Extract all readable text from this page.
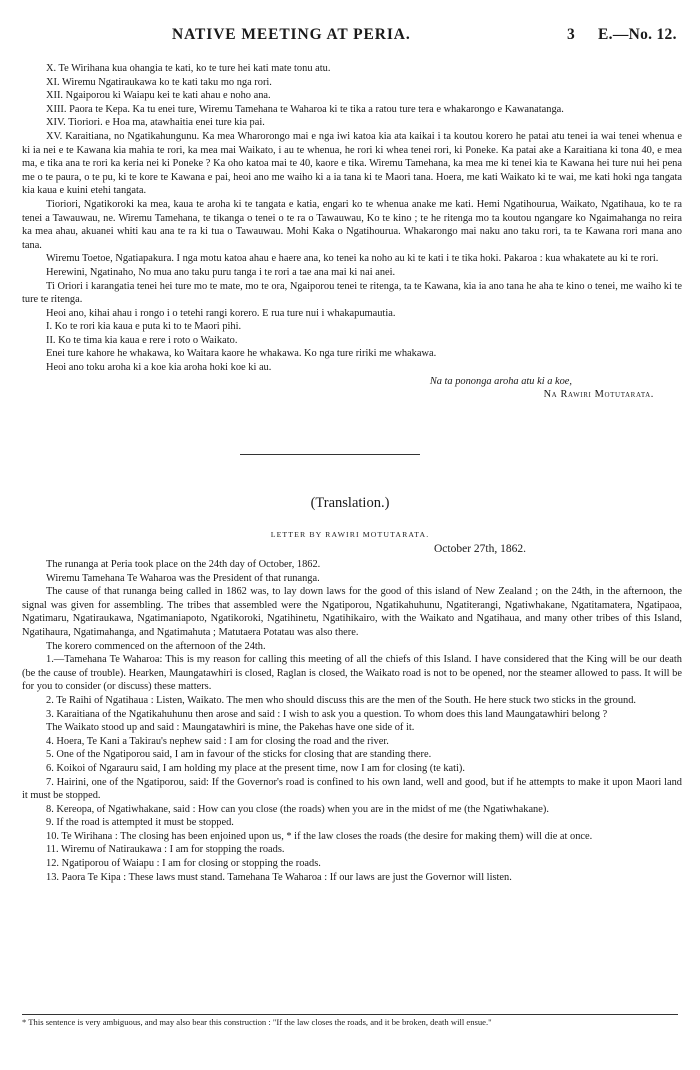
NATIVE MEETING AT PERIA.	3 E.—No. 12.

X. Te Wirihana kua ohangia te kati, ko te ture hei kati mate tonu atu.

XI. Wiremu Ngatiraukawa ko te kati taku mo nga rori.

XII. Ngaiporou ki Waiapu kei te kati ahau e noho ana.

XIII. Paora te Kepa. Ka tu enei ture, Wiremu Tamehana te Waharoa ki te tika a ratou ture tera e whakarongo e Kawanatanga.

XIV. Tioriori. e Hoa ma, atawhaitia enei ture kia pai.

XV. Karaitiana, no Ngatikahungunu. Ka mea Wharorongo mai e nga iwi katoa kia ata kaikai i ta koutou korero he patai atu tenei ia wai tenei whenua e ki ia nei e te Kawana kia mahia te rori, ka mea mai Waikato, i au te whenua, he rori ki whea tenei rori, ki Poneke. Ka patai ake a Karaitiana ki tona 40, e mea ma, e tika ana te rori ka keria nei ki Poneke ? Ka oho katoa mai te 40, kaore e tika. Wiremu Tamehana, ka mea me ki tenei kia te Kawana hei ture nui hei pena me o te paura, o te pu, ki te kore te Kawana e pai, heoi ano me waiho ki a ia tana ki te Maori tana. Hoera, me kati Waikato ki te wai, me kati hoki nga tangata kia kaua e kuini etehi tangata.

Tioriori, Ngatikoroki ka mea, kaua te aroha ki te tangata e katia, engari ko te whenua anake me kati. Hemi Ngatihourua, Waikato, Ngatihaua, ko te ra tenei a Tawauwau, ne. Wiremu Tamehana, te tikanga o tenei o te ra o Tawauwau, Ko te kino ; te he ritenga mo ta koutou ngangare ko Ngaimahanga no reira ka mea ahau, akuanei whiti kau ana te ra ki tua o Tawauwau. Mohi Kaka o Ngatihourua. Whakarongo mai naku ano taku rori, ta te Kawana rori mana ano tana.

Wiremu Toetoe, Ngatiapakura. I nga motu katoa ahau e haere ana, ko tenei ka noho au ki te kati i te tika hoki. Pakaroa : kua whakatete au ki te rori.

Herewini, Ngatinaho, No mua ano taku puru tanga i te rori a tae ana mai ki nai anei.

Ti Oriori i karangatia tenei hei ture mo te mate, mo te ora, Ngaiporou tenei te ritenga, ta te Kawana, kia ia ano tana he aha te kino o tenei, me waiho ki te ture te ritenga.

Heoi ano, kihai ahau i rongo i o tetehi rangi korero. E rua ture nui i whakapumautia.

I. Ko te rori kia kaua e puta ki to te Maori pihi.

II. Ko te tima kia kaua e rere i roto o Waikato.

Enei ture kahore he whakawa, ko Waitara kaore he whakawa. Ko nga ture ririki me whakawa.

Heoi ano toku aroha ki a koe kia aroha hoki koe ki au.

Na ta pononga aroha atu ki a koe,

Na Rawiri Motutarata.

(Translation.)
LETTER BY RAWIRI MOTUTARATA.
October 27th, 1862.

The runanga at Peria took place on the 24th day of October, 1862.

Wiremu Tamehana Te Waharoa was the President of that runanga.

The cause of that runanga being called in 1862 was, to lay down laws for the good of this island of New Zealand ; on the 24th, in the afternoon, the signal was given for assembling. The tribes that assembled were the Ngatiporou, Ngatikahuhunu, Ngatiterangi, Ngatiwhakane, Ngatitamatera, Ngatipaoa, Ngatimaru, Ngatiraukawa, Ngatimaniapoto, Ngatikoroki, Ngatihinetu, Ngatihikairo, with the Waikato and Ngatihaua, and many other tribes of this Island, Ngatihaura, Ngatimahanga, and Ngatimahuta ; Matutaera Potatau was also there.

The korero commenced on the afternoon of the 24th.

1.—Tamehana Te Waharoa: This is my reason for calling this meeting of all the chiefs of this Island. I have considered that the King will be our death (be the cause of trouble). Hearken, Maungatawhiri is closed, Raglan is closed, the Waikato road is not to be opened, nor the steamer allowed to pass. It will be for you to consider (or discuss) these matters.

2. Te Raihi of Ngatihaua : Listen, Waikato. The men who should discuss this are the men of the South. He here stuck two sticks in the ground.

3. Karaitiana of the Ngatikahuhunu then arose and said : I wish to ask you a question. To whom does this land Maungatawhiri belong ?

The Waikato stood up and said : Maungatawhiri is mine, the Pakehas have one side of it.

4. Hoera, Te Kani a Takirau's nephew said : I am for closing the road and the river.

5. One of the Ngatiporou said, I am in favour of the sticks for closing that are standing there.

6. Koikoi of Ngarauru said, I am holding my place at the present time, now I am for closing (te kati).

7. Hairini, one of the Ngatiporou, said: If the Governor's road is confined to his own land, well and good, but if he attempts to make it upon Maori land it must be stopped.

8. Kereopa, of Ngatiwhakane, said : How can you close (the roads) when you are in the midst of me (the Ngatiwhakane).

9. If the road is attempted it must be stopped.

10. Te Wirihana : The closing has been enjoined upon us, * if the law closes the roads (the desire for making them) will die at once.

11. Wiremu of Natiraukawa : I am for stopping the roads.

12. Ngatiporou of Waiapu : I am for closing or stopping the roads.

13. Paora Te Kipa : These laws must stand. Tamehana Te Waharoa : If our laws are just the Governor will listen.

* This sentence is very ambiguous, and may also bear this construction : "If the law closes the roads, and it be broken, death will ensue."
